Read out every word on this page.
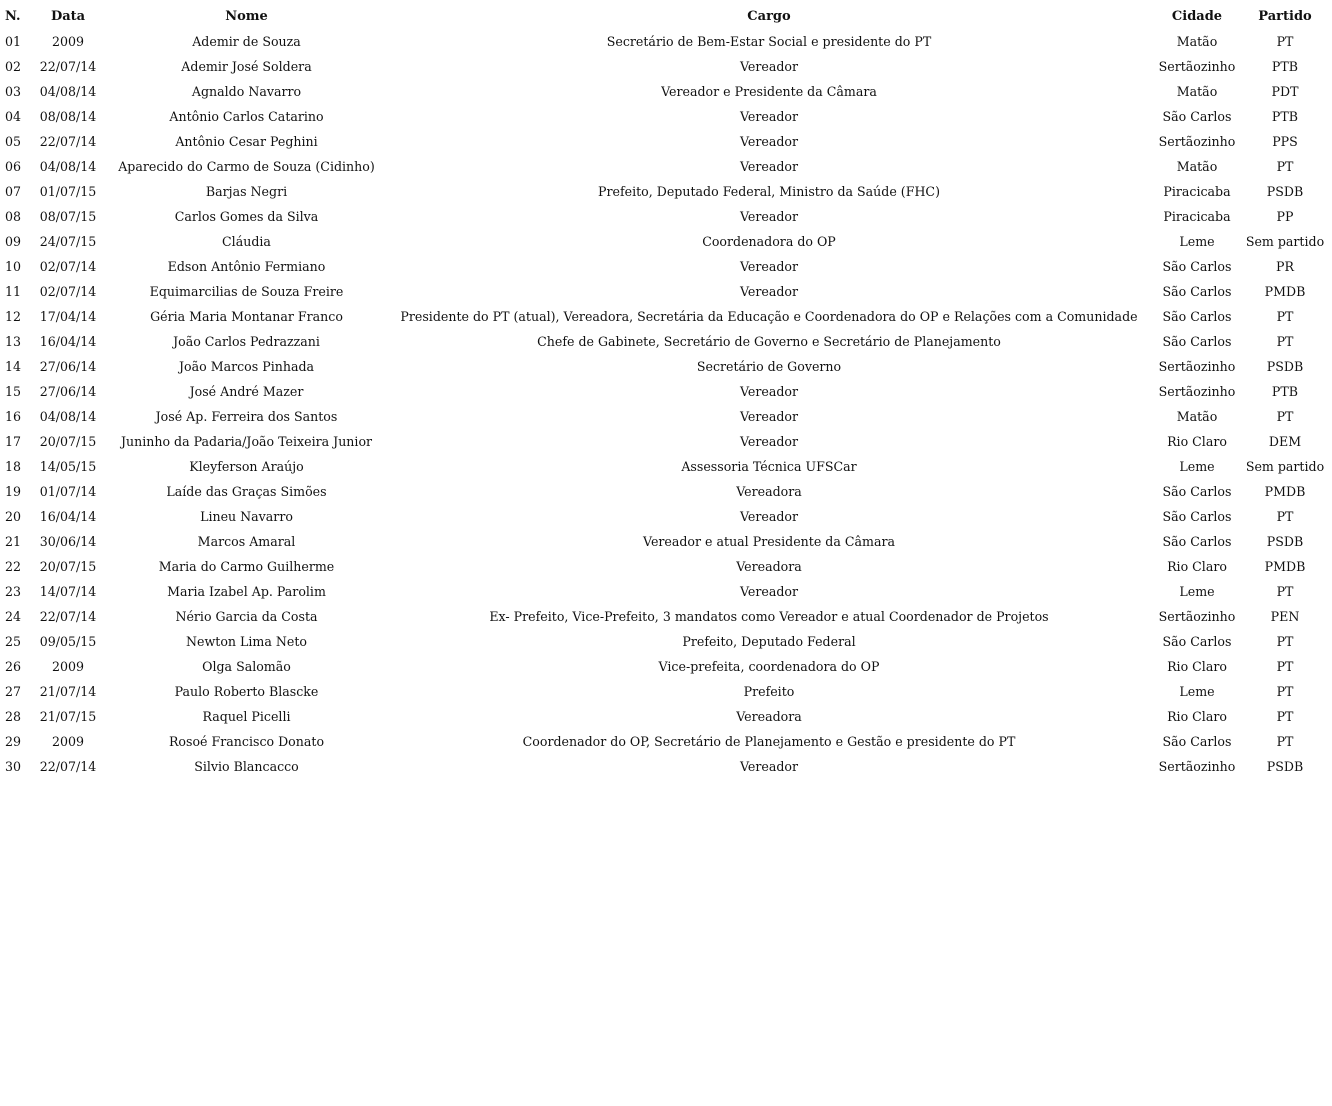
N.	Data	Nome	Cargo	Cidade	Partido
01	2009	Ademir de Souza	Secretário de Bem-Estar Social e presidente do PT	Matão	PT
02	22/07/14	Ademir José Soldera	Vereador	Sertãozinho	PTB
03	04/08/14	Agnaldo Navarro	Vereador e Presidente da Câmara	Matão	PDT
04	08/08/14	Antônio Carlos Catarino	Vereador	São Carlos	PTB
05	22/07/14	Antônio Cesar Peghini	Vereador	Sertãozinho	PPS
06	04/08/14	Aparecido do Carmo de Souza (Cidinho)	Vereador	Matão	PT
07	01/07/15	Barjas Negri	Prefeito, Deputado Federal, Ministro da Saúde (FHC)	Piracicaba	PSDB
08	08/07/15	Carlos Gomes da Silva	Vereador	Piracicaba	PP
09	24/07/15	Cláudia	Coordenadora do OP	Leme	Sem partido
10	02/07/14	Edson Antônio Fermiano	Vereador	São Carlos	PR
11	02/07/14	Equimarcilias de Souza Freire	Vereador	São Carlos	PMDB
12	17/04/14	Géria Maria Montanar Franco	Presidente do PT (atual), Vereadora, Secretária da Educação e Coordenadora do OP e Relações com a Comunidade	São Carlos	PT
13	16/04/14	João Carlos Pedrazzani	Chefe de Gabinete, Secretário de Governo e Secretário de Planejamento	São Carlos	PT
14	27/06/14	João Marcos Pinhada	Secretário de Governo	Sertãozinho	PSDB
15	27/06/14	José André Mazer	Vereador	Sertãozinho	PTB
16	04/08/14	José Ap. Ferreira dos Santos	Vereador	Matão	PT
17	20/07/15	Juninho da Padaria/João Teixeira Junior	Vereador	Rio Claro	DEM
18	14/05/15	Kleyferson Araújo	Assessoria Técnica UFSCar	Leme	Sem partido
19	01/07/14	Laíde das Graças Simões	Vereadora	São Carlos	PMDB
20	16/04/14	Lineu Navarro	Vereador	São Carlos	PT
21	30/06/14	Marcos Amaral	Vereador e atual Presidente da Câmara	São Carlos	PSDB
22	20/07/15	Maria do Carmo Guilherme	Vereadora	Rio Claro	PMDB
23	14/07/14	Maria Izabel Ap. Parolim	Vereador	Leme	PT
24	22/07/14	Nério Garcia da Costa	Ex- Prefeito, Vice-Prefeito, 3 mandatos como Vereador e atual Coordenador de Projetos	Sertãozinho	PEN
25	09/05/15	Newton Lima Neto	Prefeito, Deputado Federal	São Carlos	PT
26	2009	Olga Salomão	Vice-prefeita, coordenadora do OP	Rio Claro	PT
27	21/07/14	Paulo Roberto Blascke	Prefeito	Leme	PT
28	21/07/15	Raquel Picelli	Vereadora	Rio Claro	PT
29	2009	Rosoé Francisco Donato	Coordenador do OP, Secretário de Planejamento e Gestão e presidente do PT	São Carlos	PT
30	22/07/14	Silvio Blancacco	Vereador	Sertãozinho	PSDB
